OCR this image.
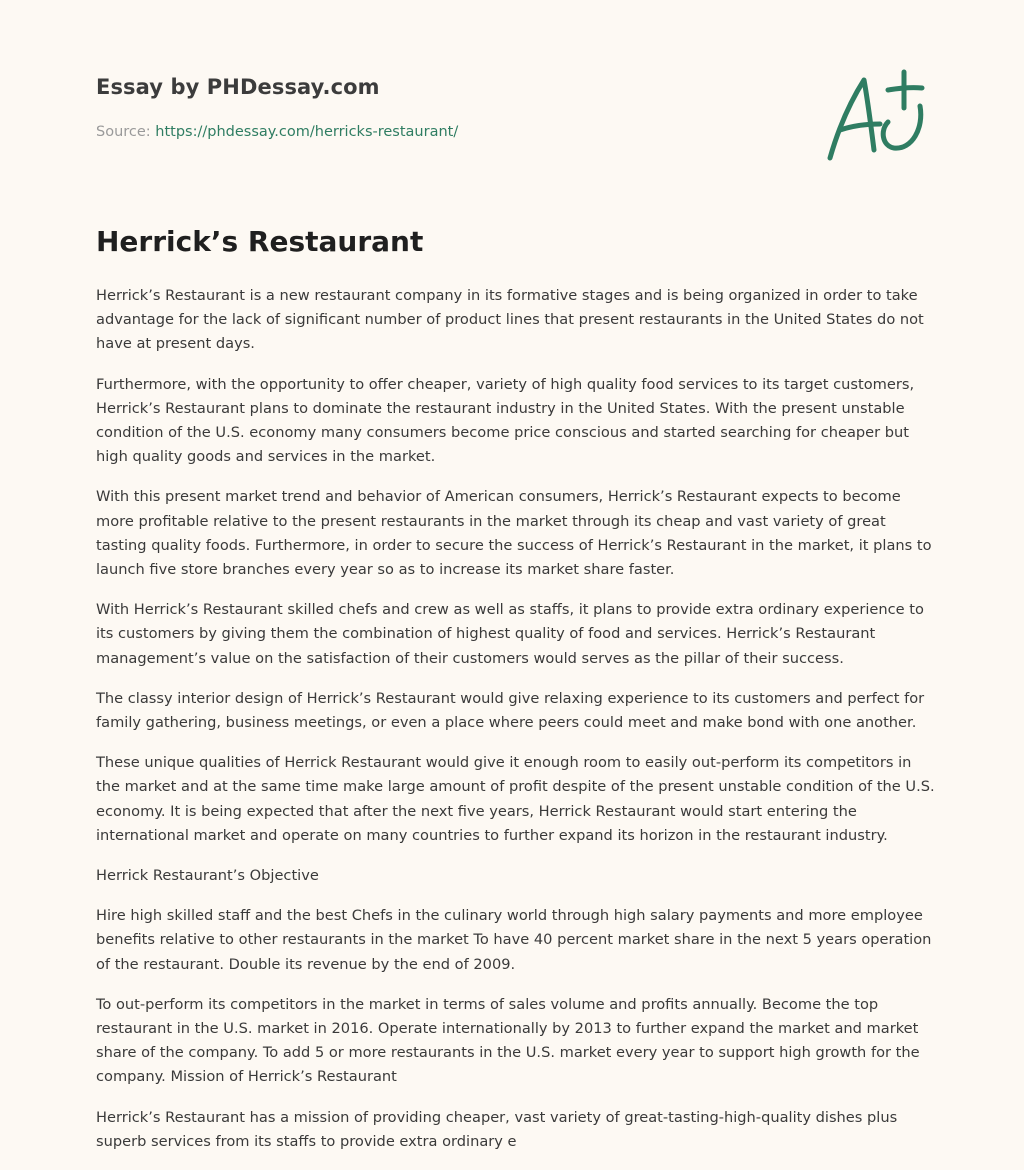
Essay by PHDessay.com
Source: https://phdessay.com/herricks-restaurant/
Herrick’s Restaurant

Herrick’s Restaurant is a new restaurant company in its formative stages and is being organized in order to take advantage for the lack of significant number of product lines that present restaurants in the United States do not have at present days.

Furthermore, with the opportunity to offer cheaper, variety of high quality food services to its target customers, Herrick’s Restaurant plans to dominate the restaurant industry in the United States. With the present unstable condition of the U.S. economy many consumers become price conscious and started searching for cheaper but high quality goods and services in the market.

With this present market trend and behavior of American consumers, Herrick’s Restaurant expects to become more profitable relative to the present restaurants in the market through its cheap and vast variety of great tasting quality foods. Furthermore, in order to secure the success of Herrick’s Restaurant in the market, it plans to launch five store branches every year so as to increase its market share faster.

With Herrick’s Restaurant skilled chefs and crew as well as staffs, it plans to provide extra ordinary experience to its customers by giving them the combination of highest quality of food and services. Herrick’s Restaurant management’s value on the satisfaction of their customers would serves as the pillar of their success.

The classy interior design of Herrick’s Restaurant would give relaxing experience to its customers and perfect for family gathering, business meetings, or even a place where peers could meet and make bond with one another.

These unique qualities of Herrick Restaurant would give it enough room to easily out-perform its competitors in the market and at the same time make large amount of profit despite of the present unstable condition of the U.S. economy. It is being expected that after the next five years, Herrick Restaurant would start entering the international market and operate on many countries to further expand its horizon in the restaurant industry.

Herrick Restaurant’s Objective

Hire high skilled staff and the best Chefs in the culinary world through high salary payments and more employee benefits relative to other restaurants in the market To have 40 percent market share in the next 5 years operation of the restaurant. Double its revenue by the end of 2009.

To out-perform its competitors in the market in terms of sales volume and profits annually. Become the top restaurant in the U.S. market in 2016. Operate internationally by 2013 to further expand the market and market share of the company. To add 5 or more restaurants in the U.S. market every year to support high growth for the company. Mission of Herrick’s Restaurant

Herrick’s Restaurant has a mission of providing cheaper, vast variety of great-tasting-high-quality dishes plus superb services from its staffs to provide extra ordinary e
